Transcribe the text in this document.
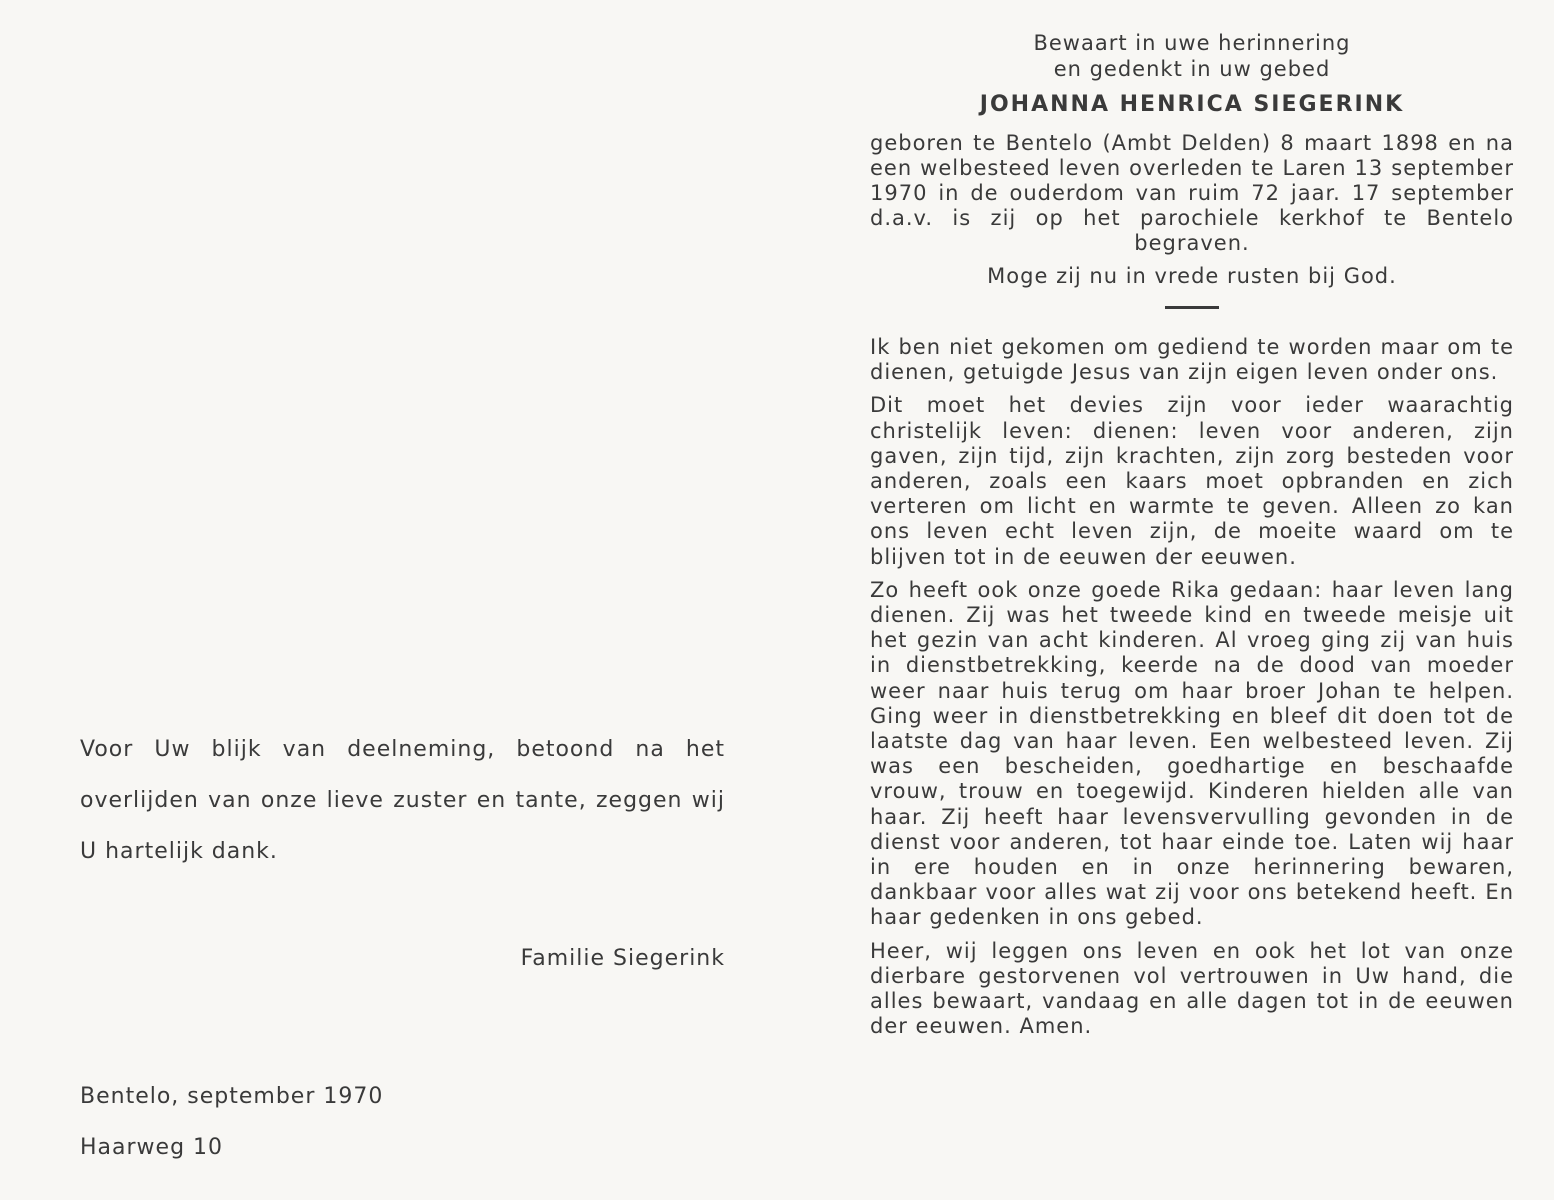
Voor Uw blijk van deelneming, betoond na het overlijden van onze lieve zuster en tante, zeggen wij U hartelijk dank.

Familie Siegerink

Bentelo, september 1970

Haarweg 10

Bewaart in uwe herinnering

en gedenkt in uw gebed

JOHANNA HENRICA SIEGERINK

geboren te Bentelo (Ambt Delden) 8 maart 1898 en na een welbesteed leven overleden te Laren 13 september 1970 in de ouderdom van ruim 72 jaar. 17 september d.a.v. is zij op het parochiele kerkhof te Bentelo begraven.

Moge zij nu in vrede rusten bij God.

Ik ben niet gekomen om gediend te worden maar om te dienen, getuigde Jesus van zijn eigen leven onder ons.

Dit moet het devies zijn voor ieder waarachtig christelijk leven: dienen: leven voor anderen, zijn gaven, zijn tijd, zijn krachten, zijn zorg besteden voor anderen, zoals een kaars moet opbranden en zich verteren om licht en warmte te geven. Alleen zo kan ons leven echt leven zijn, de moeite waard om te blijven tot in de eeuwen der eeuwen.

Zo heeft ook onze goede Rika gedaan: haar leven lang dienen. Zij was het tweede kind en tweede meisje uit het gezin van acht kinderen. Al vroeg ging zij van huis in dienstbetrekking, keerde na de dood van moeder weer naar huis terug om haar broer Johan te helpen. Ging weer in dienstbetrekking en bleef dit doen tot de laatste dag van haar leven. Een welbesteed leven. Zij was een bescheiden, goedhartige en beschaafde vrouw, trouw en toegewijd. Kinderen hielden alle van haar. Zij heeft haar levensvervulling gevonden in de dienst voor anderen, tot haar einde toe. Laten wij haar in ere houden en in onze herinnering bewaren, dankbaar voor alles wat zij voor ons betekend heeft. En haar gedenken in ons gebed.

Heer, wij leggen ons leven en ook het lot van onze dierbare gestorvenen vol vertrouwen in Uw hand, die alles bewaart, vandaag en alle dagen tot in de eeuwen der eeuwen. Amen.
